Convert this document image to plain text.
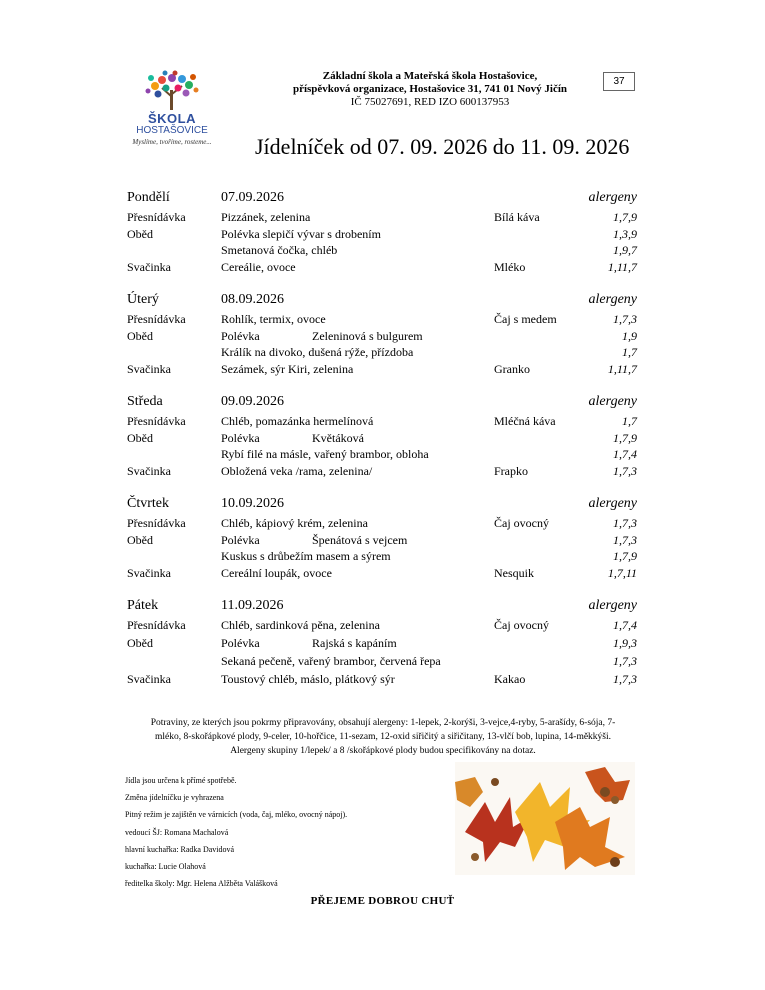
ŠKOLA
HOSTAŠOVICE
Myslíme, tvoříme, rosteme...
Základní škola a Mateřská škola Hostašovice,
příspěvková organizace, Hostašovice 31, 741 01 Nový Jičín
IČ 75027691, RED IZO 600137953
37
Jídelníček od 07. 09. 2026 do 11. 09. 2026
Pondělí	07.09.2026	alergeny
Přesnídávka	Pizzánek, zelenina	Bílá káva	1,7,9
Oběd	Polévka slepičí vývar s drobením	1,3,9
Smetanová čočka, chléb	1,9,7
Svačinka	Cereálie, ovoce	Mléko	1,11,7
Úterý	08.09.2026	alergeny
Přesnídávka	Rohlík, termix, ovoce	Čaj s medem	1,7,3
Oběd	Polévka	Zeleninová s bulgurem	1,9
Králík na divoko, dušená rýže, přízdoba	1,7
Svačinka	Sezámek, sýr Kiri, zelenina	Granko	1,11,7
Středa	09.09.2026	alergeny
Přesnídávka	Chléb, pomazánka hermelínová	Mléčná káva	1,7
Oběd	Polévka	Květáková	1,7,9
Rybí filé na másle, vařený brambor, obloha	1,7,4
Svačinka	Obložená veka /rama, zelenina/	Frapko	1,7,3
Čtvrtek	10.09.2026	alergeny
Přesnídávka	Chléb, kápiový krém, zelenina	Čaj ovocný	1,7,3
Oběd	Polévka	Špenátová s vejcem	1,7,3
Kuskus s drůbežím masem a sýrem	1,7,9
Svačinka	Cereální loupák, ovoce	Nesquik	1,7,11
Pátek	11.09.2026	alergeny
Přesnídávka	Chléb, sardinková pěna, zelenina	Čaj ovocný	1,7,4
Oběd	Polévka	Rajská s kapáním	1,9,3
Sekaná pečeně, vařený brambor, červená řepa	1,7,3
Svačinka	Toustový chléb, máslo, plátkový sýr	Kakao	1,7,3
Potraviny, ze kterých jsou pokrmy připravovány, obsahují alergeny: 1-lepek, 2-korýši, 3-vejce,4-ryby, 5-arašídy, 6-sója, 7-
mléko, 8-skořápkové plody, 9-celer, 10-hořčice, 11-sezam, 12-oxid siřičitý a siřičitany, 13-vlčí bob, lupina, 14-měkkýši.
Alergeny skupiny 1/lepek/ a 8 /skořápkové plody budou specifikovány na dotaz.
Jídla jsou určena k přímé spotřebě.
Změna jídelníčku je vyhrazena
Pitný režim je zajištěn ve várnicích (voda, čaj, mléko, ovocný nápoj).
vedoucí ŠJ: Romana Machalová
hlavní kuchařka: Radka Davidová
kuchařka: Lucie Olahová
ředitelka školy: Mgr. Helena Alžběta Valášková
PŘEJEME DOBROU CHUŤ
